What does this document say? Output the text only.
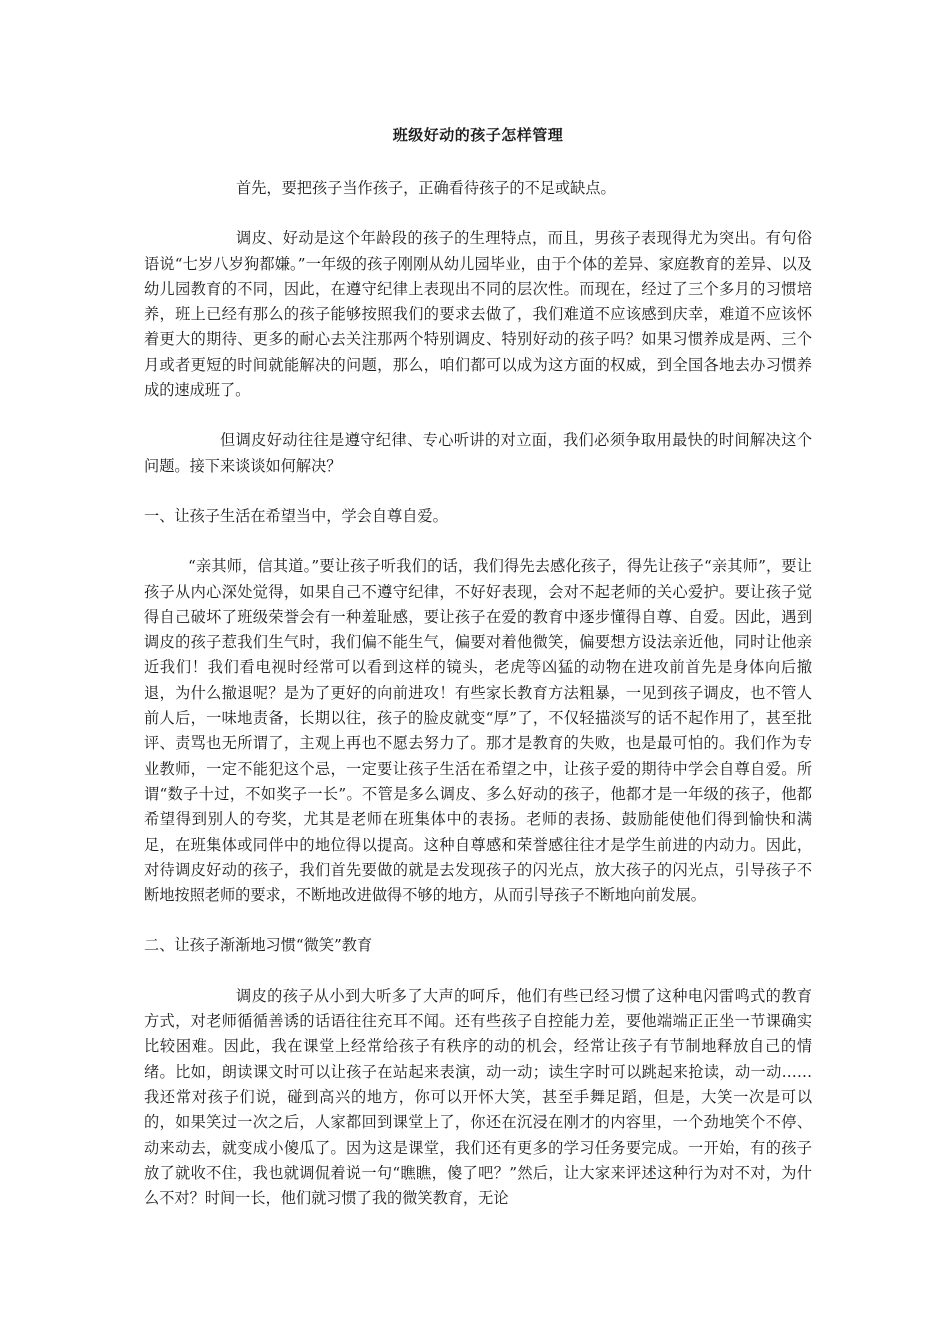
班级好动的孩子怎样管理

首先，要把孩子当作孩子，正确看待孩子的不足或缺点。

调皮、好动是这个年龄段的孩子的生理特点，而且，男孩子表现得尤为突出。有句俗语说“七岁八岁狗都嫌。”一年级的孩子刚刚从幼儿园毕业，由于个体的差异、家庭教育的差异、以及幼儿园教育的不同，因此，在遵守纪律上表现出不同的层次性。而现在，经过了三个多月的习惯培养，班上已经有那么的孩子能够按照我们的要求去做了，我们难道不应该感到庆幸，难道不应该怀着更大的期待、更多的耐心去关注那两个特别调皮、特别好动的孩子吗？如果习惯养成是两、三个月或者更短的时间就能解决的问题，那么，咱们都可以成为这方面的权威，到全国各地去办习惯养成的速成班了。

但调皮好动往往是遵守纪律、专心听讲的对立面，我们必须争取用最快的时间解决这个问题。接下来谈谈如何解决？

一、让孩子生活在希望当中，学会自尊自爱。

“亲其师，信其道。”要让孩子听我们的话，我们得先去感化孩子，得先让孩子“亲其师”，要让孩子从内心深处觉得，如果自己不遵守纪律，不好好表现，会对不起老师的关心爱护。要让孩子觉得自己破坏了班级荣誉会有一种羞耻感，要让孩子在爱的教育中逐步懂得自尊、自爱。因此，遇到调皮的孩子惹我们生气时，我们偏不能生气，偏要对着他微笑，偏要想方设法亲近他，同时让他亲近我们！我们看电视时经常可以看到这样的镜头，老虎等凶猛的动物在进攻前首先是身体向后撤退，为什么撤退呢？是为了更好的向前进攻！有些家长教育方法粗暴，一见到孩子调皮，也不管人前人后，一味地责备，长期以往，孩子的脸皮就变“厚”了，不仅轻描淡写的话不起作用了，甚至批评、责骂也无所谓了，主观上再也不愿去努力了。那才是教育的失败，也是最可怕的。我们作为专业教师，一定不能犯这个忌，一定要让孩子生活在希望之中，让孩子爱的期待中学会自尊自爱。所谓“数子十过，不如奖子一长”。不管是多么调皮、多么好动的孩子，他都才是一年级的孩子，他都希望得到别人的夸奖，尤其是老师在班集体中的表扬。老师的表扬、鼓励能使他们得到愉快和满足，在班集体或同伴中的地位得以提高。这种自尊感和荣誉感往往才是学生前进的内动力。因此，对待调皮好动的孩子，我们首先要做的就是去发现孩子的闪光点，放大孩子的闪光点，引导孩子不断地按照老师的要求，不断地改进做得不够的地方，从而引导孩子不断地向前发展。

二、让孩子渐渐地习惯“微笑”教育

调皮的孩子从小到大听多了大声的呵斥，他们有些已经习惯了这种电闪雷鸣式的教育方式，对老师循循善诱的话语往往充耳不闻。还有些孩子自控能力差，要他端端正正坐一节课确实比较困难。因此，我在课堂上经常给孩子有秩序的动的机会，经常让孩子有节制地释放自己的情绪。比如，朗读课文时可以让孩子在站起来表演，动一动；读生字时可以跳起来抢读，动一动……我还常对孩子们说，碰到高兴的地方，你可以开怀大笑，甚至手舞足蹈，但是，大笑一次是可以的，如果笑过一次之后，人家都回到课堂上了，你还在沉浸在刚才的内容里，一个劲地笑个不停、动来动去，就变成小傻瓜了。因为这是课堂，我们还有更多的学习任务要完成。一开始，有的孩子放了就收不住，我也就调侃着说一句“瞧瞧，傻了吧？”然后，让大家来评述这种行为对不对，为什么不对？时间一长，他们就习惯了我的微笑教育，无论
